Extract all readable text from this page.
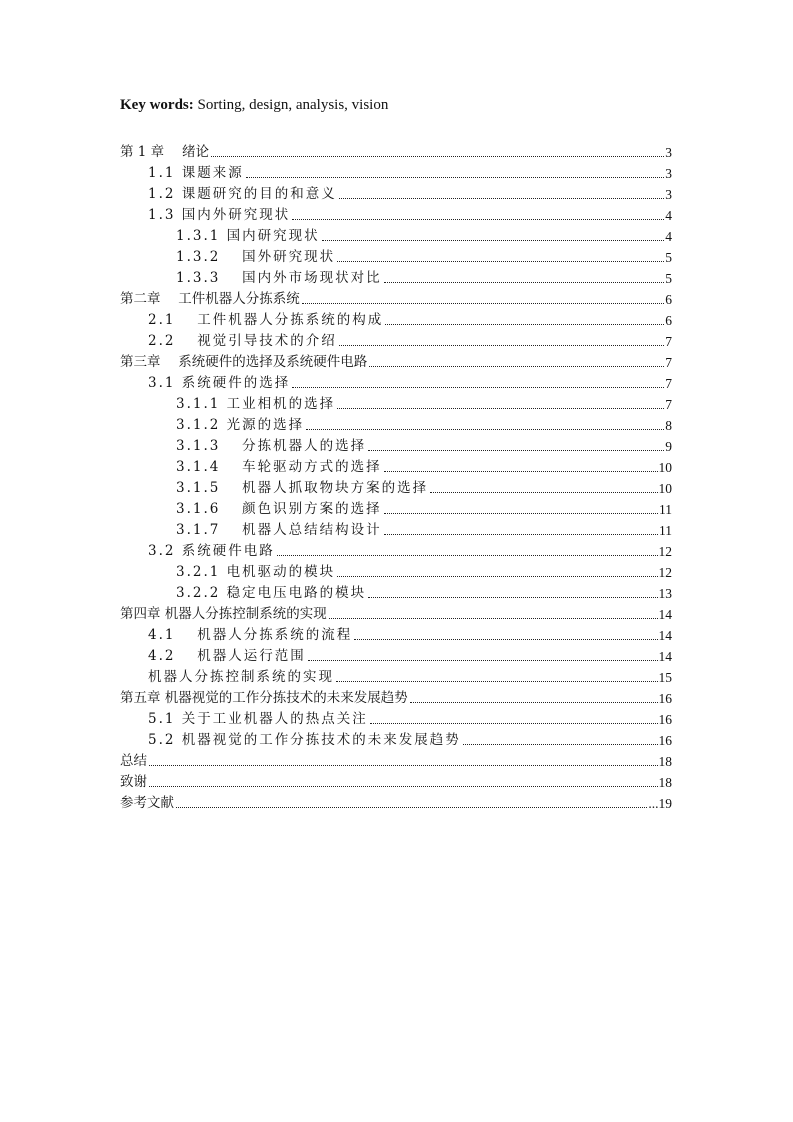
Key words: Sorting, design, analysis, vision
第 1 章　 绪论	3
1.1 课题来源	3
1.2 课题研究的目的和意义	3
1.3 国内外研究现状	4
1.3.1 国内研究现状	4
1.3.2　 国外研究现状	5
1.3.3　 国内外市场现状对比	5
第二章　 工件机器人分拣系统	6
2.1　 工件机器人分拣系统的构成	6
2.2　 视觉引导技术的介绍	7
第三章　 系统硬件的选择及系统硬件电路	7
3.1 系统硬件的选择	7
3.1.1 工业相机的选择	7
3.1.2 光源的选择	8
3.1.3　 分拣机器人的选择	9
3.1.4　 车轮驱动方式的选择	10
3.1.5　 机器人抓取物块方案的选择	10
3.1.6　 颜色识别方案的选择	11
3.1.7　 机器人总结结构设计	11
3.2 系统硬件电路	12
3.2.1 电机驱动的模块	12
3.2.2 稳定电压电路的模块	13
第四章 机器人分拣控制系统的实现	14
4.1　 机器人分拣系统的流程	14
4.2　 机器人运行范围	14
机器人分拣控制系统的实现	15
第五章 机器视觉的工作分拣技术的未来发展趋势	16
5.1 关于工业机器人的热点关注	16
5.2 机器视觉的工作分拣技术的未来发展趋势	16
总结	18
致谢	18
参考文献	...19
